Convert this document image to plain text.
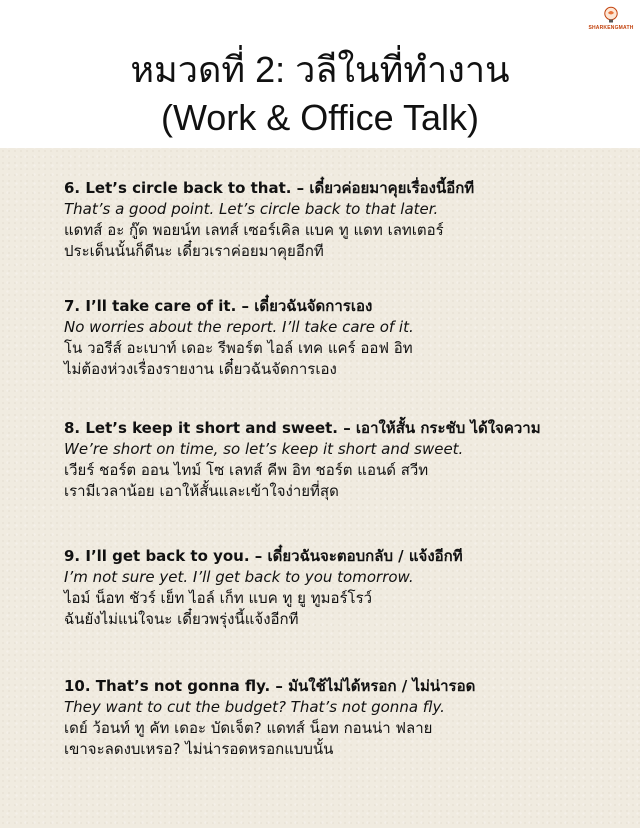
SHARKENGMATH
หมวดที่ 2: วลีในที่ทำงาน
(Work & Office Talk)
6. Let’s circle back to that. – เดี๋ยวค่อยมาคุยเรื่องนี้อีกที
That’s a good point. Let’s circle back to that later.
แดทส์ อะ กู๊ด พอยน์ท เลทส์ เซอร์เคิล แบค ทู แดท เลทเตอร์
ประเด็นนั้นก็ดีนะ เดี๋ยวเราค่อยมาคุยอีกที
7. I’ll take care of it. – เดี๋ยวฉันจัดการเอง
No worries about the report. I’ll take care of it.
โน วอรีส์ อะเบาท์ เดอะ รีพอร์ต ไอล์ เทค แคร์ ออฟ อิท
ไม่ต้องห่วงเรื่องรายงาน เดี๋ยวฉันจัดการเอง
8. Let’s keep it short and sweet. – เอาให้สั้น กระชับ ได้ใจความ
We’re short on time, so let’s keep it short and sweet.
เวียร์ ชอร์ต ออน ไทม์ โซ เลทส์ คีพ อิท ชอร์ต แอนด์ สวีท
เรามีเวลาน้อย เอาให้สั้นและเข้าใจง่ายที่สุด
9. I’ll get back to you. – เดี๋ยวฉันจะตอบกลับ / แจ้งอีกที
I’m not sure yet. I’ll get back to you tomorrow.
ไอม์ น็อท ชัวร์ เย็ท ไอล์ เก็ท แบค ทู ยู ทูมอร์โรว์
ฉันยังไม่แน่ใจนะ เดี๋ยวพรุ่งนี้แจ้งอีกที
10. That’s not gonna fly. – มันใช้ไม่ได้หรอก / ไม่น่ารอด
They want to cut the budget? That’s not gonna fly.
เดย์ ว้อนท์ ทู คัท เดอะ บัดเจ็ต? แดทส์ น็อท กอนน่า ฟลาย
เขาจะลดงบเหรอ? ไม่น่ารอดหรอกแบบนั้น
